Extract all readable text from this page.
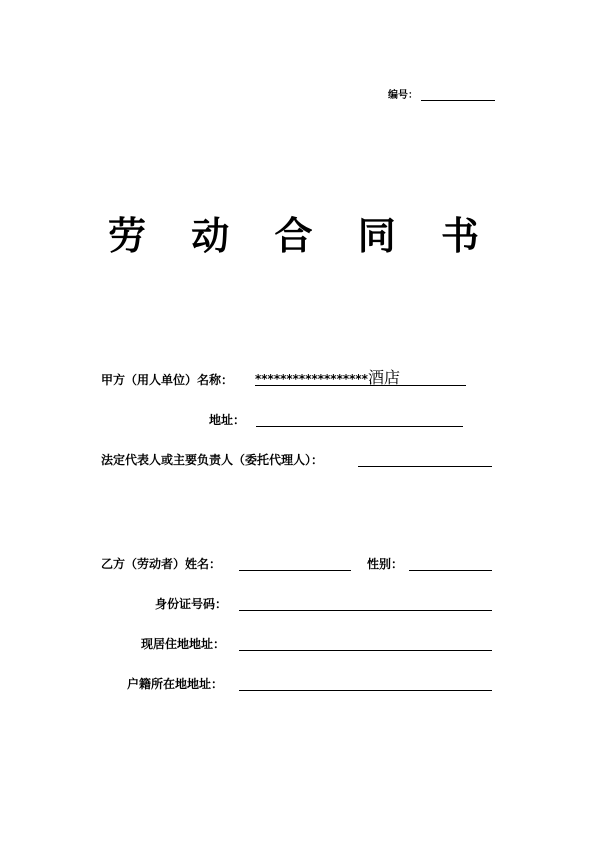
编号：
劳 动 合 同 书
甲方（用人单位）名称： ******************酒店
地址：
法定代表人或主要负责人（委托代理人）：
乙方（劳动者）姓名：	性别：
身份证号码：
现居住地地址：
户籍所在地地址：
